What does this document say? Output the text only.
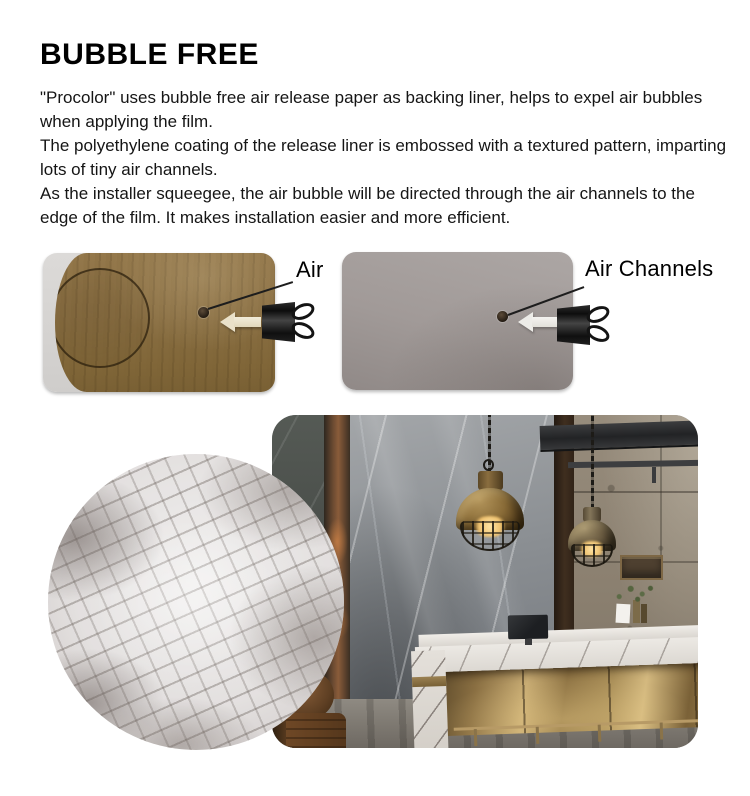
BUBBLE FREE

"Procolor" uses bubble free air release paper as backing liner, helps to expel air bubbles when applying the film.

The polyethylene coating of the release liner is embossed with a textured pattern, imparting lots of tiny air channels.

As the installer squeegee, the air bubble will be directed through the air channels to the edge of the film. It makes installation easier and more efficient.

Air	Air Channels
